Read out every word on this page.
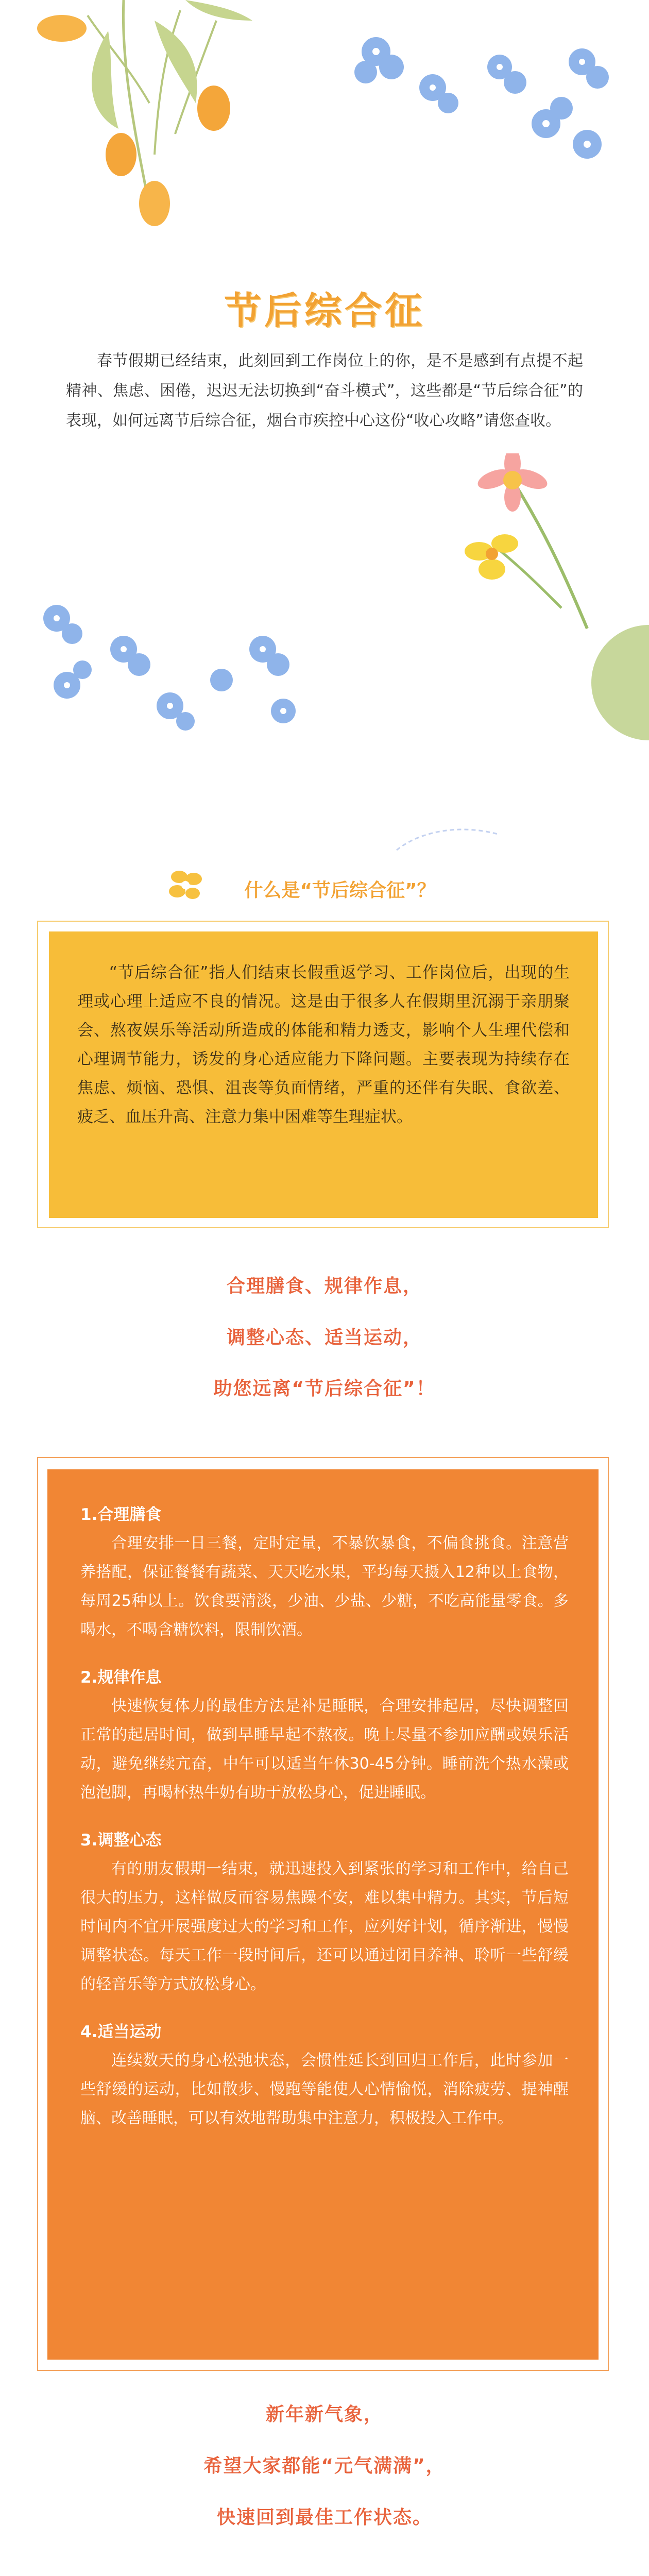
节后综合征

春节假期已经结束，此刻回到工作岗位上的你，是不是感到有点提不起精神、焦虑、困倦，迟迟无法切换到“奋斗模式”，这些都是“节后综合征”的表现，如何远离节后综合征，烟台市疾控中心这份“收心攻略”请您查收。

什么是“节后综合征”？

“节后综合征”指人们结束长假重返学习、工作岗位后，出现的生理或心理上适应不良的情况。这是由于很多人在假期里沉溺于亲朋聚会、熬夜娱乐等活动所造成的体能和精力透支，影响个人生理代偿和心理调节能力，诱发的身心适应能力下降问题。主要表现为持续存在焦虑、烦恼、恐惧、沮丧等负面情绪，严重的还伴有失眠、食欲差、疲乏、血压升高、注意力集中困难等生理症状。

合理膳食、规律作息，
调整心态、适当运动，
助您远离“节后综合征”！

1.合理膳食

合理安排一日三餐，定时定量，不暴饮暴食，不偏食挑食。注意营养搭配，保证餐餐有蔬菜、天天吃水果，平均每天摄入12种以上食物，每周25种以上。饮食要清淡，少油、少盐、少糖，不吃高能量零食。多喝水，不喝含糖饮料，限制饮酒。

2.规律作息

快速恢复体力的最佳方法是补足睡眠，合理安排起居，尽快调整回正常的起居时间，做到早睡早起不熬夜。晚上尽量不参加应酬或娱乐活动，避免继续亢奋，中午可以适当午休30-45分钟。睡前洗个热水澡或泡泡脚，再喝杯热牛奶有助于放松身心，促进睡眠。

3.调整心态

有的朋友假期一结束，就迅速投入到紧张的学习和工作中，给自己很大的压力，这样做反而容易焦躁不安，难以集中精力。其实，节后短时间内不宜开展强度过大的学习和工作，应列好计划，循序渐进，慢慢调整状态。每天工作一段时间后，还可以通过闭目养神、聆听一些舒缓的轻音乐等方式放松身心。

4.适当运动

连续数天的身心松弛状态，会惯性延长到回归工作后，此时参加一些舒缓的运动，比如散步、慢跑等能使人心情愉悦，消除疲劳、提神醒脑、改善睡眠，可以有效地帮助集中注意力，积极投入工作中。

新年新气象，
希望大家都能“元气满满”，
快速回到最佳工作状态。
